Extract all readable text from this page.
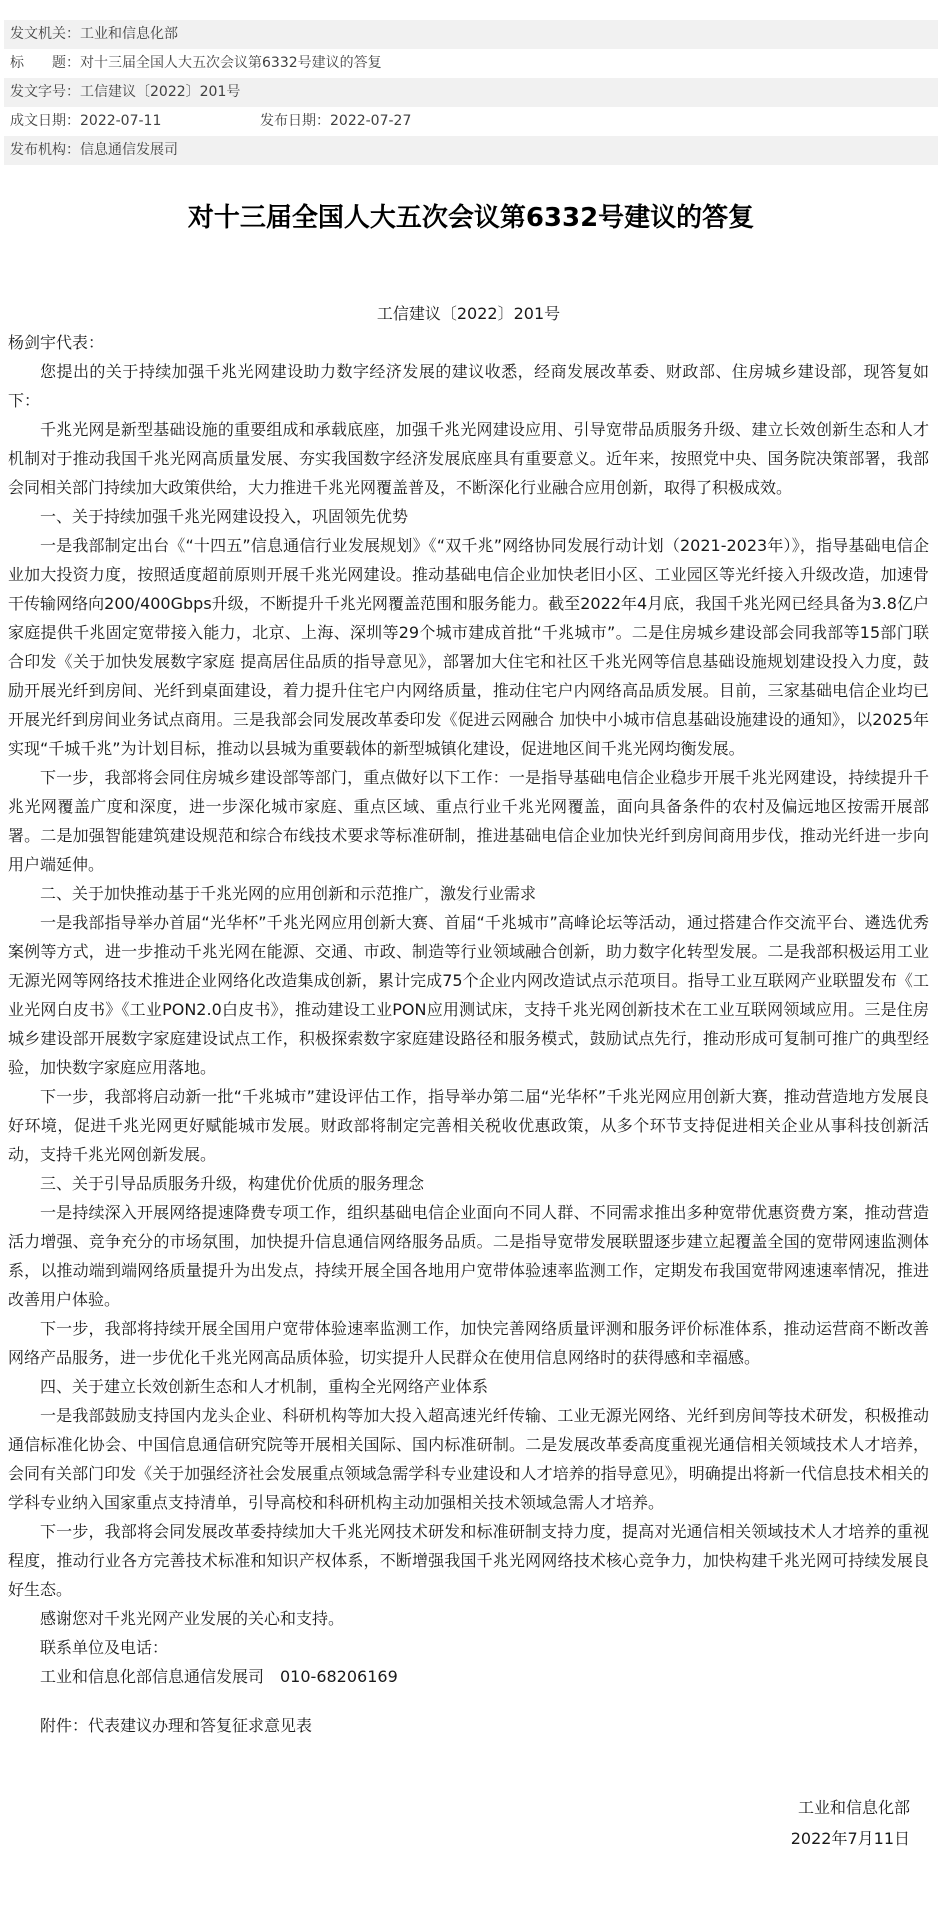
发文机关：工业和信息化部
标　　题：对十三届全国人大五次会议第6332号建议的答复
发文字号：工信建议〔2022〕201号
成文日期：2022-07-11	发布日期：2022-07-27
发布机构：信息通信发展司
对十三届全国人大五次会议第6332号建议的答复
工信建议〔2022〕201号

杨剑宇代表：

您提出的关于持续加强千兆光网建设助力数字经济发展的建议收悉，经商发展改革委、财政部、住房城乡建设部，现答复如下：

千兆光网是新型基础设施的重要组成和承载底座，加强千兆光网建设应用、引导宽带品质服务升级、建立长效创新生态和人才机制对于推动我国千兆光网高质量发展、夯实我国数字经济发展底座具有重要意义。近年来，按照党中央、国务院决策部署，我部会同相关部门持续加大政策供给，大力推进千兆光网覆盖普及，不断深化行业融合应用创新，取得了积极成效。

一、关于持续加强千兆光网建设投入，巩固领先优势

一是我部制定出台《“十四五”信息通信行业发展规划》《“双千兆”网络协同发展行动计划（2021-2023年）》，指导基础电信企业加大投资力度，按照适度超前原则开展千兆光网建设。推动基础电信企业加快老旧小区、工业园区等光纤接入升级改造，加速骨干传输网络向200/400Gbps升级，不断提升千兆光网覆盖范围和服务能力。截至2022年4月底，我国千兆光网已经具备为3.8亿户家庭提供千兆固定宽带接入能力，北京、上海、深圳等29个城市建成首批“千兆城市”。二是住房城乡建设部会同我部等15部门联合印发《关于加快发展数字家庭 提高居住品质的指导意见》，部署加大住宅和社区千兆光网等信息基础设施规划建设投入力度，鼓励开展光纤到房间、光纤到桌面建设，着力提升住宅户内网络质量，推动住宅户内网络高品质发展。目前，三家基础电信企业均已开展光纤到房间业务试点商用。三是我部会同发展改革委印发《促进云网融合 加快中小城市信息基础设施建设的通知》，以2025年实现“千城千兆”为计划目标，推动以县城为重要载体的新型城镇化建设，促进地区间千兆光网均衡发展。

下一步，我部将会同住房城乡建设部等部门，重点做好以下工作：一是指导基础电信企业稳步开展千兆光网建设，持续提升千兆光网覆盖广度和深度，进一步深化城市家庭、重点区域、重点行业千兆光网覆盖，面向具备条件的农村及偏远地区按需开展部署。二是加强智能建筑建设规范和综合布线技术要求等标准研制，推进基础电信企业加快光纤到房间商用步伐，推动光纤进一步向用户端延伸。

二、关于加快推动基于千兆光网的应用创新和示范推广，激发行业需求

一是我部指导举办首届“光华杯”千兆光网应用创新大赛、首届“千兆城市”高峰论坛等活动，通过搭建合作交流平台、遴选优秀案例等方式，进一步推动千兆光网在能源、交通、市政、制造等行业领域融合创新，助力数字化转型发展。二是我部积极运用工业无源光网等网络技术推进企业网络化改造集成创新，累计完成75个企业内网改造试点示范项目。指导工业互联网产业联盟发布《工业光网白皮书》《工业PON2.0白皮书》，推动建设工业PON应用测试床，支持千兆光网创新技术在工业互联网领域应用。三是住房城乡建设部开展数字家庭建设试点工作，积极探索数字家庭建设路径和服务模式，鼓励试点先行，推动形成可复制可推广的典型经验，加快数字家庭应用落地。

下一步，我部将启动新一批“千兆城市”建设评估工作，指导举办第二届“光华杯”千兆光网应用创新大赛，推动营造地方发展良好环境，促进千兆光网更好赋能城市发展。财政部将制定完善相关税收优惠政策，从多个环节支持促进相关企业从事科技创新活动，支持千兆光网创新发展。

三、关于引导品质服务升级，构建优价优质的服务理念

一是持续深入开展网络提速降费专项工作，组织基础电信企业面向不同人群、不同需求推出多种宽带优惠资费方案，推动营造活力增强、竞争充分的市场氛围，加快提升信息通信网络服务品质。二是指导宽带发展联盟逐步建立起覆盖全国的宽带网速监测体系，以推动端到端网络质量提升为出发点，持续开展全国各地用户宽带体验速率监测工作，定期发布我国宽带网速速率情况，推进改善用户体验。

下一步，我部将持续开展全国用户宽带体验速率监测工作，加快完善网络质量评测和服务评价标准体系，推动运营商不断改善网络产品服务，进一步优化千兆光网高品质体验，切实提升人民群众在使用信息网络时的获得感和幸福感。

四、关于建立长效创新生态和人才机制，重构全光网络产业体系

一是我部鼓励支持国内龙头企业、科研机构等加大投入超高速光纤传输、工业无源光网络、光纤到房间等技术研发，积极推动通信标准化协会、中国信息通信研究院等开展相关国际、国内标准研制。二是发展改革委高度重视光通信相关领域技术人才培养，会同有关部门印发《关于加强经济社会发展重点领域急需学科专业建设和人才培养的指导意见》，明确提出将新一代信息技术相关的学科专业纳入国家重点支持清单，引导高校和科研机构主动加强相关技术领域急需人才培养。

下一步，我部将会同发展改革委持续加大千兆光网技术研发和标准研制支持力度，提高对光通信相关领域技术人才培养的重视程度，推动行业各方完善技术标准和知识产权体系，不断增强我国千兆光网网络技术核心竞争力，加快构建千兆光网可持续发展良好生态。

感谢您对千兆光网产业发展的关心和支持。

联系单位及电话：

工业和信息化部信息通信发展司　010-68206169

附件：代表建议办理和答复征求意见表

工业和信息化部
2022年7月11日
